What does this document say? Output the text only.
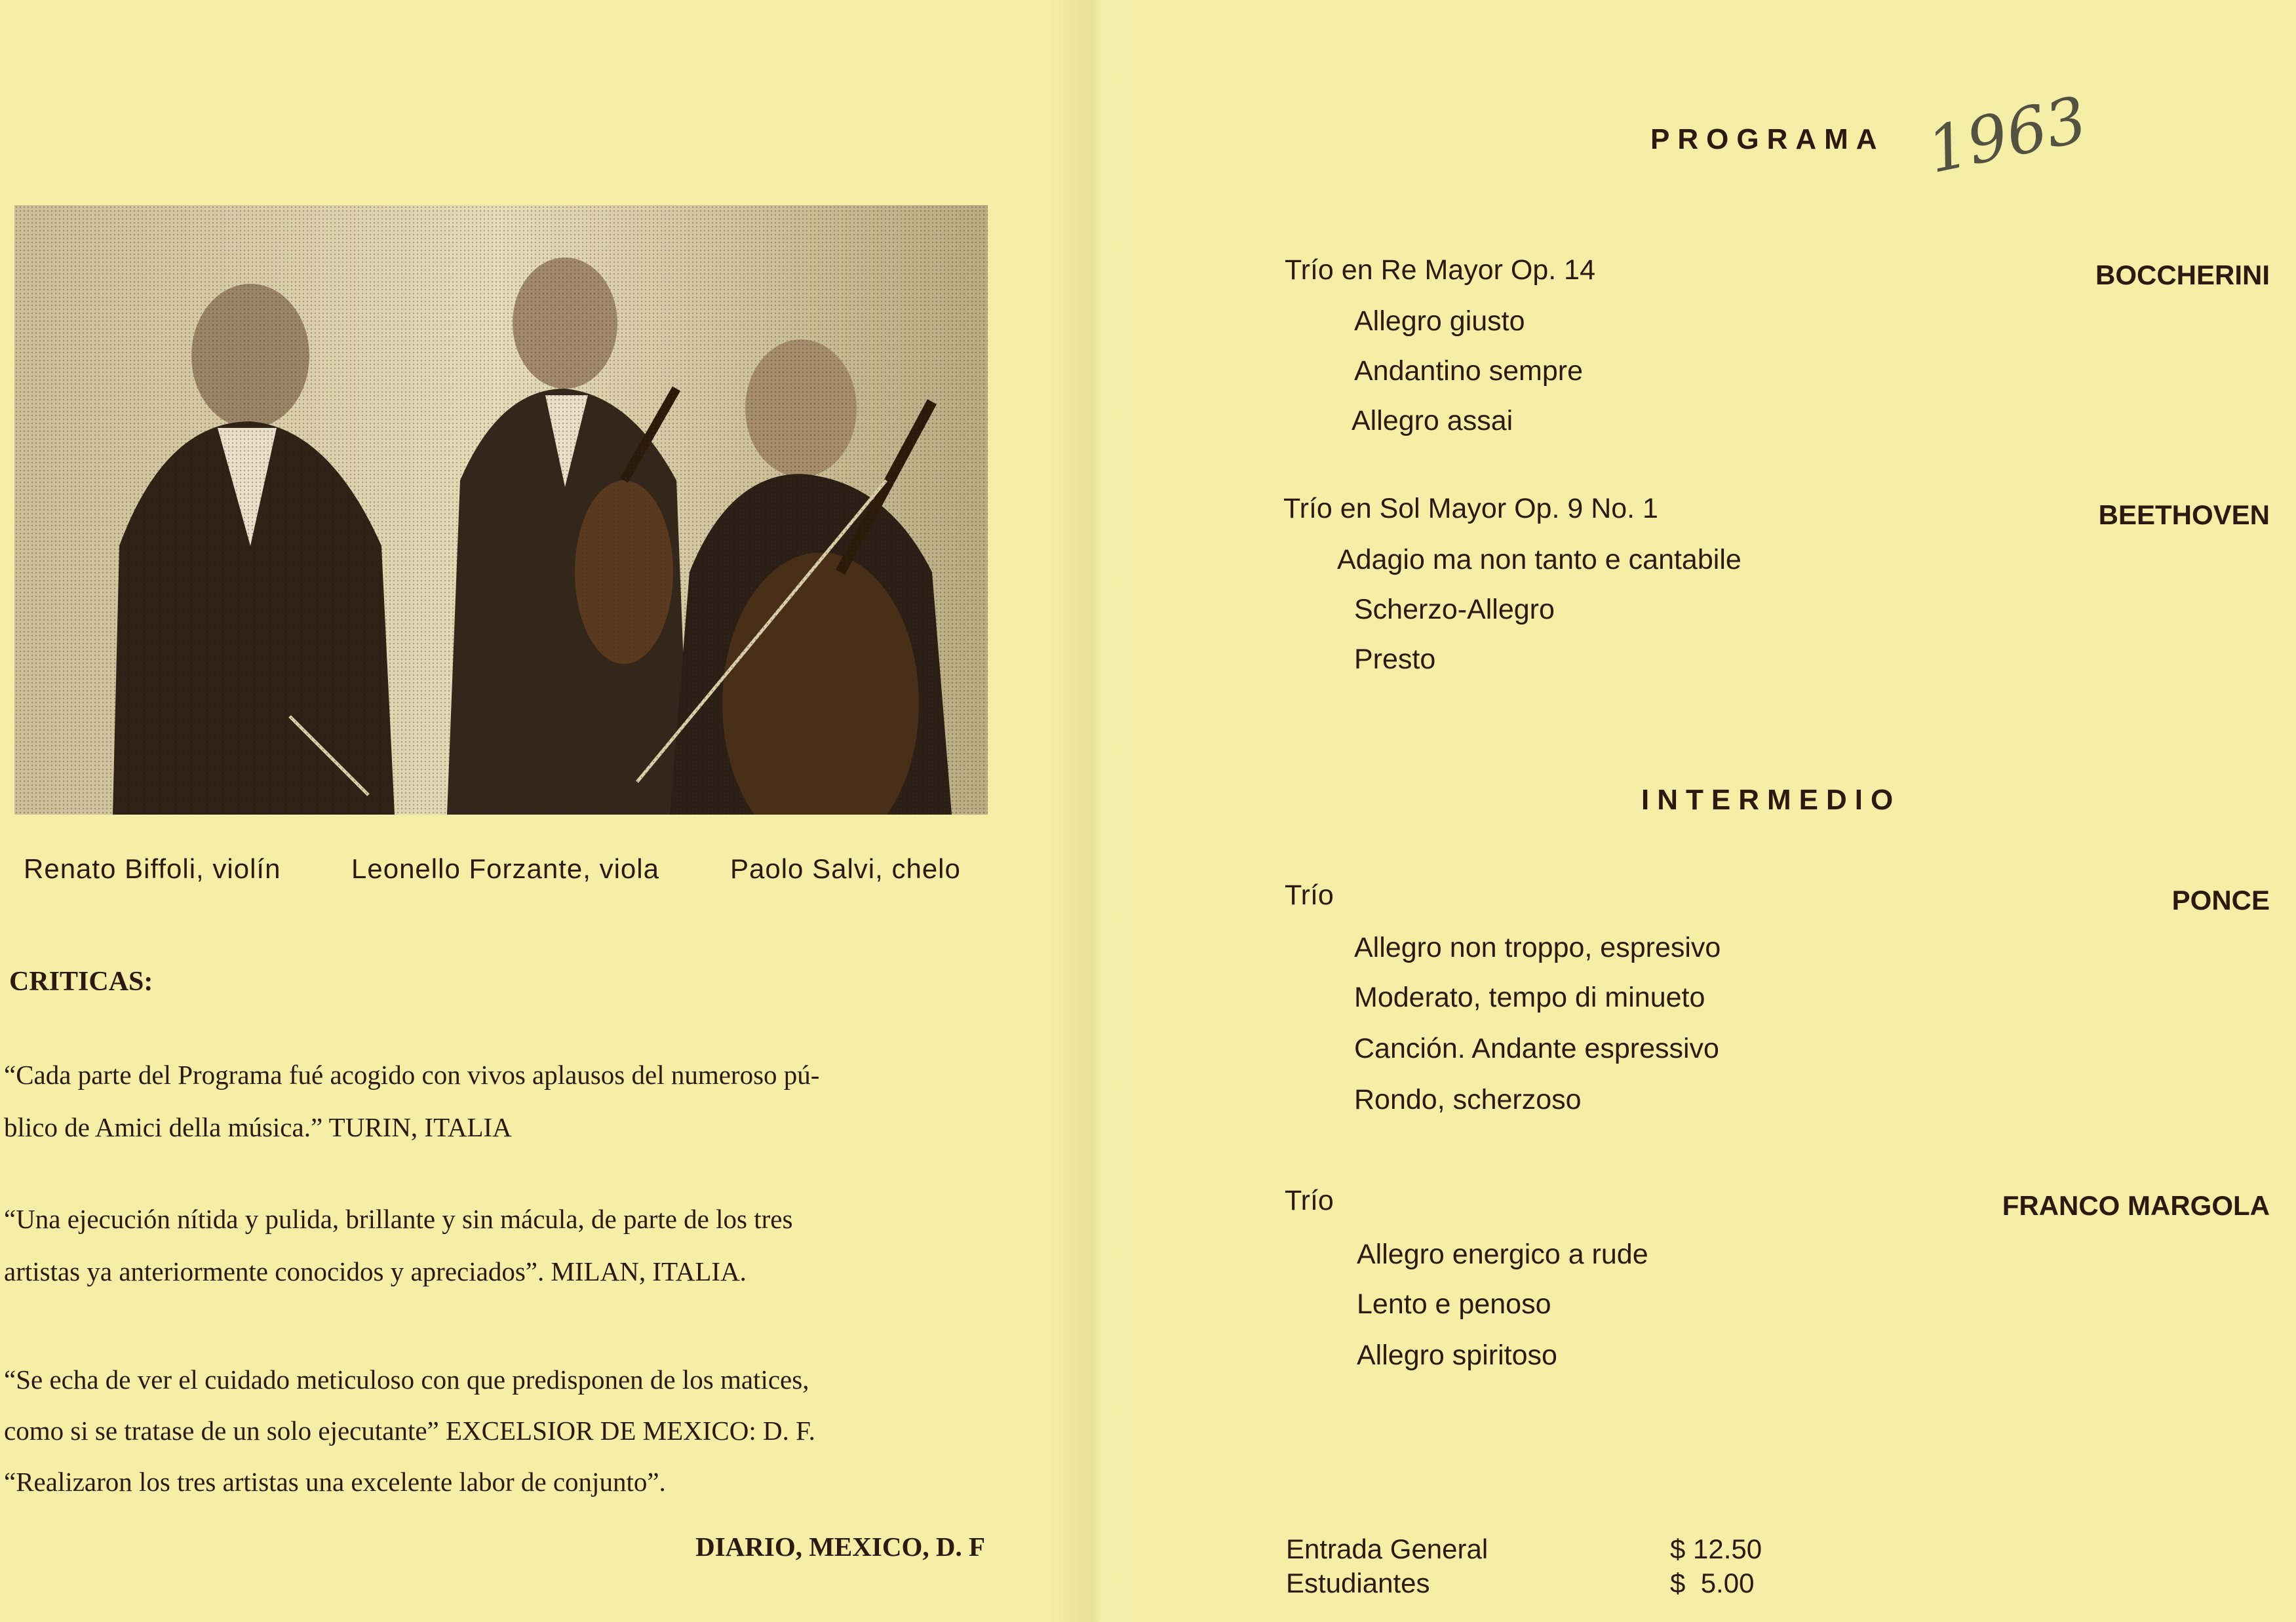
Renato Biffoli, violín	Leonello Forzante, viola	Paolo Salvi, chelo
CRITICAS:
“Cada parte del Programa fué acogido con vivos aplausos del numeroso pú-
blico de Amici della música.” TURIN, ITALIA
“Una ejecución nítida y pulida, brillante y sin mácula, de parte de los tres
artistas ya anteriormente conocidos y apreciados”. MILAN, ITALIA.
“Se echa de ver el cuidado meticuloso con que predisponen de los matices,
como si se tratase de un solo ejecutante” EXCELSIOR DE MEXICO: D. F.
“Realizaron los tres artistas una excelente labor de conjunto”.
DIARIO, MEXICO, D. F
PROGRAMA 1963
Trío en Re Mayor Op. 14	BOCCHERINI
Allegro giusto
Andantino sempre
Allegro assai
Trío en Sol Mayor Op. 9 No. 1	BEETHOVEN
Adagio ma non tanto e cantabile
Scherzo-Allegro
Presto
INTERMEDIO
Trío	PONCE
Allegro non troppo, espresivo
Moderato, tempo di minueto
Canción. Andante espressivo
Rondo, scherzoso
Trío	FRANCO MARGOLA
Allegro energico a rude
Lento e penoso
Allegro spiritoso
Entrada General	$ 12.50
Estudiantes	$  5.00
